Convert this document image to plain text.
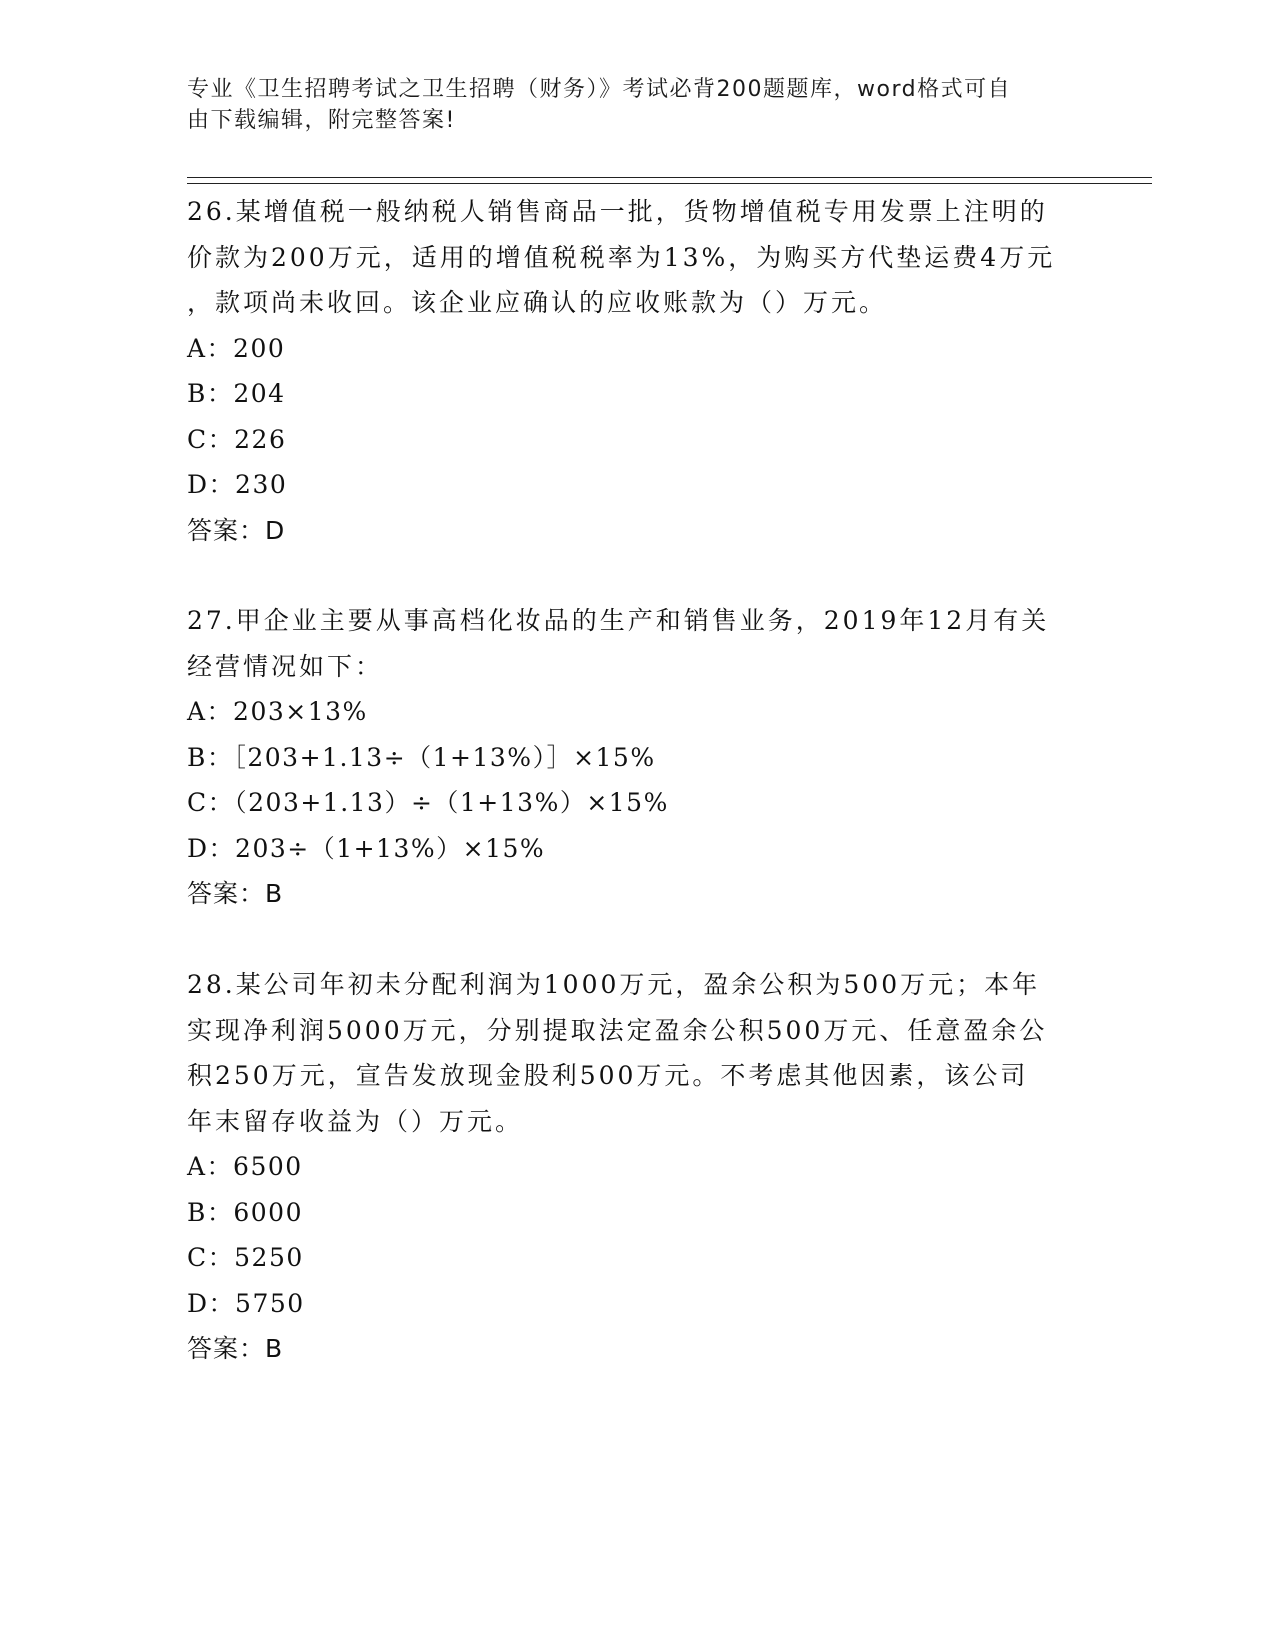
专业《卫生招聘考试之卫生招聘（财务）》考试必背200题题库，word格式可自
由下载编辑，附完整答案!

26.某增值税一般纳税人销售商品一批，货物增值税专用发票上注明的

价款为200万元，适用的增值税税率为13%，为购买方代垫运费4万元

，款项尚未收回。该企业应确认的应收账款为（）万元。

A：200

B：204

C：226

D：230

答案：D

27.甲企业主要从事高档化妆品的生产和销售业务，2019年12月有关

经营情况如下：

A：203×13%

B：［203+1.13÷（1+13%）］×15%

C：（203+1.13）÷（1+13%）×15%

D：203÷（1+13%）×15%

答案：B

28.某公司年初未分配利润为1000万元，盈余公积为500万元；本年

实现净利润5000万元，分别提取法定盈余公积500万元、任意盈余公

积250万元，宣告发放现金股利500万元。不考虑其他因素，该公司

年末留存收益为（）万元。

A：6500

B：6000

C：5250

D：5750

答案：B
